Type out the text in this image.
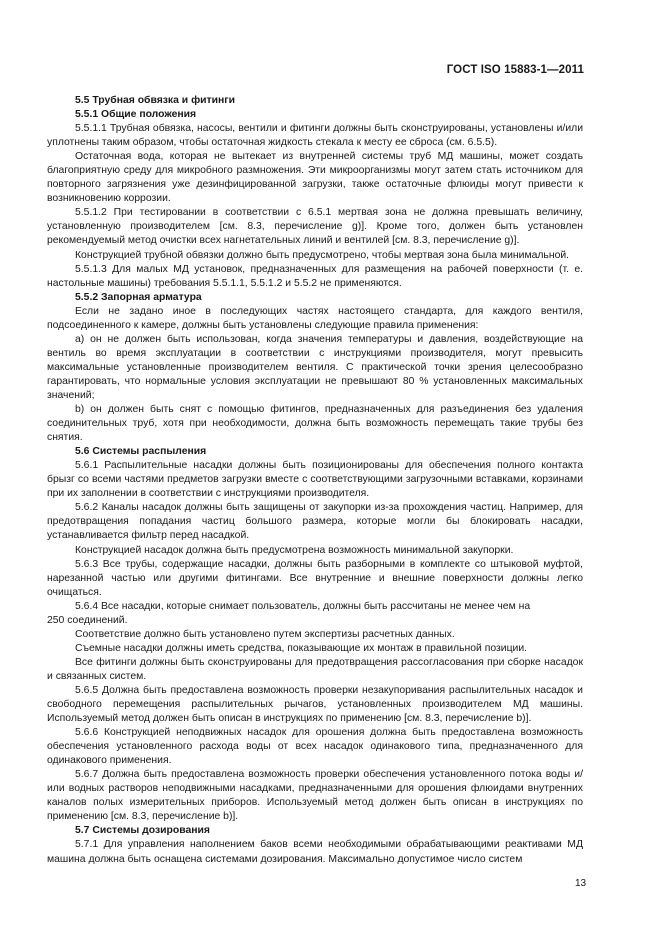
ГОСТ ISO 15883-1—2011

5.5 Трубная обвязка и фитинги

5.5.1 Общие положения

5.5.1.1 Трубная обвязка, насосы, вентили и фитинги должны быть сконструированы, установлены и/или уплотнены таким образом, чтобы остаточная жидкость стекала к месту ее сброса (см. 6.5.5).

Остаточная вода, которая не вытекает из внутренней системы труб МД машины, может создать благоприятную среду для микробного размножения. Эти микроорганизмы могут затем стать источником для повторного загрязнения уже дезинфицированной загрузки, также остаточные флюиды могут привести к возникновению коррозии.

5.5.1.2 При тестировании в соответствии с 6.5.1 мертвая зона не должна превышать величину, установленную производителем [см. 8.3, перечисление g)]. Кроме того, должен быть установлен рекомендуемый метод очистки всех нагнетательных линий и вентилей [см. 8.3, перечисление g)].

Конструкцией трубной обвязки должно быть предусмотрено, чтобы мертвая зона была минимальной.

5.5.1.3 Для малых МД установок, предназначенных для размещения на рабочей поверхности (т. е. настольные машины) требования 5.5.1.1, 5.5.1.2 и 5.5.2 не применяются.

5.5.2 Запорная арматура

Если не задано иное в последующих частях настоящего стандарта, для каждого вентиля, подсоединенного к камере, должны быть установлены следующие правила применения:

a) он не должен быть использован, когда значения температуры и давления, воздействующие на вентиль во время эксплуатации в соответствии с инструкциями производителя, могут превысить максимальные установленные производителем вентиля. С практической точки зрения целесообразно гарантировать, что нормальные условия эксплуатации не превышают 80 % установленных максимальных значений;

b) он должен быть снят с помощью фитингов, предназначенных для разъединения без удаления соединительных труб, хотя при необходимости, должна быть возможность перемещать такие трубы без снятия.

5.6 Системы распыления

5.6.1 Распылительные насадки должны быть позиционированы для обеспечения полного контакта брызг со всеми частями предметов загрузки вместе с соответствующими загрузочными вставками, корзинами при их заполнении в соответствии с инструкциями производителя.

5.6.2 Каналы насадок должны быть защищены от закупорки из-за прохождения частиц. Например, для предотвращения попадания частиц большого размера, которые могли бы блокировать насадки, устанавливается фильтр перед насадкой.

Конструкцией насадок должна быть предусмотрена возможность минимальной закупорки.

5.6.3 Все трубы, содержащие насадки, должны быть разборными в комплекте со штыковой муфтой, нарезанной частью или другими фитингами. Все внутренние и внешние поверхности должны легко очищаться.

5.6.4 Все насадки, которые снимает пользователь, должны быть рассчитаны не менее чем на

250 соединений.

Соответствие должно быть установлено путем экспертизы расчетных данных.

Съемные насадки должны иметь средства, показывающие их монтаж в правильной позиции.

Все фитинги должны быть сконструированы для предотвращения рассогласования при сборке насадок и связанных систем.

5.6.5 Должна быть предоставлена возможность проверки незакупоривания распылительных насадок и свободного перемещения распылительных рычагов, установленных производителем МД машины. Используемый метод должен быть описан в инструкциях по применению [см. 8.3, перечисление b)].

5.6.6 Конструкцией неподвижных насадок для орошения должна быть предоставлена возможность обеспечения установленного расхода воды от всех насадок одинакового типа, предназначенного для одинакового применения.

5.6.7 Должна быть предоставлена возможность проверки обеспечения установленного потока воды и/или водных растворов неподвижными насадками, предназначенными для орошения флюидами внутренних каналов полых измерительных приборов. Используемый метод должен быть описан в инструкциях по применению [см. 8.3, перечисление b)].

5.7 Системы дозирования

5.7.1 Для управления наполнением баков всеми необходимыми обрабатывающими реактивами МД машина должна быть оснащена системами дозирования. Максимально допустимое число систем

13
